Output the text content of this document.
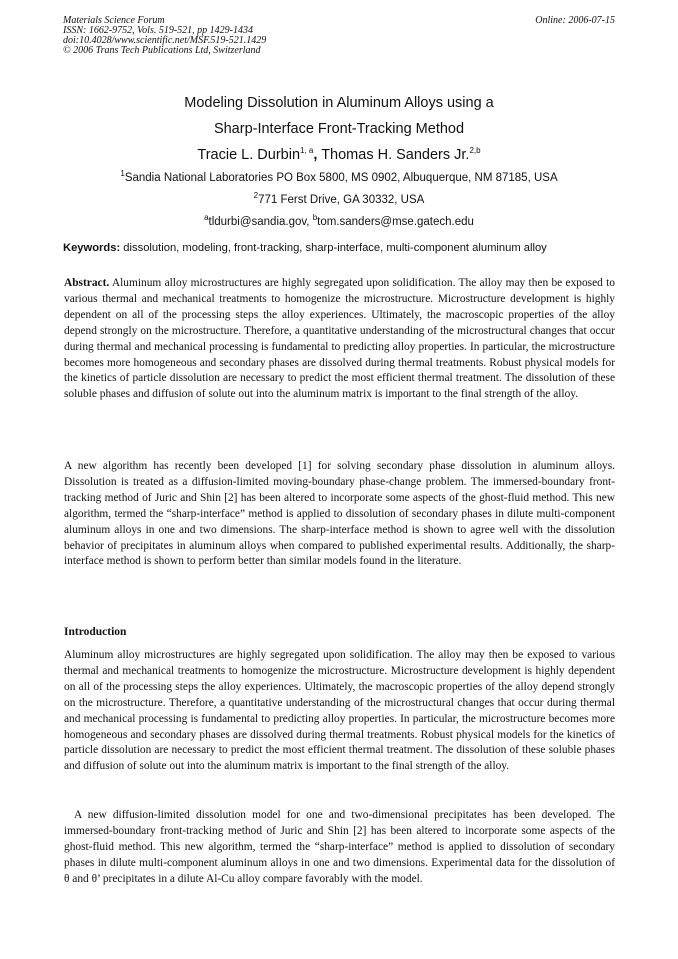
Materials Science Forum
ISSN: 1662-9752, Vols. 519-521, pp 1429-1434
doi:10.4028/www.scientific.net/MSF.519-521.1429
© 2006 Trans Tech Publications Ltd, Switzerland
Online: 2006-07-15
Modeling Dissolution in Aluminum Alloys using a
Sharp-Interface Front-Tracking Method
Tracie L. Durbin$^{1, a}$, Thomas H. Sanders Jr.$^{2,b}$
$^1$Sandia National Laboratories PO Box 5800, MS 0902, Albuquerque, NM 87185, USA
$^2$771 Ferst Drive, GA 30332, USA
$^a$tldurbi@sandia.gov, $^b$tom.sanders@mse.gatech.edu
Keywords: dissolution, modeling, front-tracking, sharp-interface, multi-component aluminum alloy

Abstract. Aluminum alloy microstructures are highly segregated upon solidification. The alloy may then be exposed to various thermal and mechanical treatments to homogenize the microstructure. Microstructure development is highly dependent on all of the processing steps the alloy experiences. Ultimately, the macroscopic properties of the alloy depend strongly on the microstructure. Therefore, a quantitative understanding of the microstructural changes that occur during thermal and mechanical processing is fundamental to predicting alloy properties. In particular, the microstructure becomes more homogeneous and secondary phases are dissolved during thermal treatments. Robust physical models for the kinetics of particle dissolution are necessary to predict the most efficient thermal treatment. The dissolution of these soluble phases and diffusion of solute out into the aluminum matrix is important to the final strength of the alloy.

A new algorithm has recently been developed [1] for solving secondary phase dissolution in aluminum alloys. Dissolution is treated as a diffusion-limited moving-boundary phase-change problem. The immersed-boundary front-tracking method of Juric and Shin [2] has been altered to incorporate some aspects of the ghost-fluid method. This new algorithm, termed the “sharp-interface” method is applied to dissolution of secondary phases in dilute multi-component aluminum alloys in one and two dimensions. The sharp-interface method is shown to agree well with the dissolution behavior of precipitates in aluminum alloys when compared to published experimental results. Additionally, the sharp-interface method is shown to perform better than similar models found in the literature.

Introduction

Aluminum alloy microstructures are highly segregated upon solidification. The alloy may then be exposed to various thermal and mechanical treatments to homogenize the microstructure. Microstructure development is highly dependent on all of the processing steps the alloy experiences. Ultimately, the macroscopic properties of the alloy depend strongly on the microstructure. Therefore, a quantitative understanding of the microstructural changes that occur during thermal and mechanical processing is fundamental to predicting alloy properties. In particular, the microstructure becomes more homogeneous and secondary phases are dissolved during thermal treatments. Robust physical models for the kinetics of particle dissolution are necessary to predict the most efficient thermal treatment. The dissolution of these soluble phases and diffusion of solute out into the aluminum matrix is important to the final strength of the alloy.

A new diffusion-limited dissolution model for one and two-dimensional precipitates has been developed. The immersed-boundary front-tracking method of Juric and Shin [2] has been altered to incorporate some aspects of the ghost-fluid method. This new algorithm, termed the “sharp-interface” method is applied to dissolution of secondary phases in dilute multi-component aluminum alloys in one and two dimensions. Experimental data for the dissolution of θ and θ’ precipitates in a dilute Al-Cu alloy compare favorably with the model.
